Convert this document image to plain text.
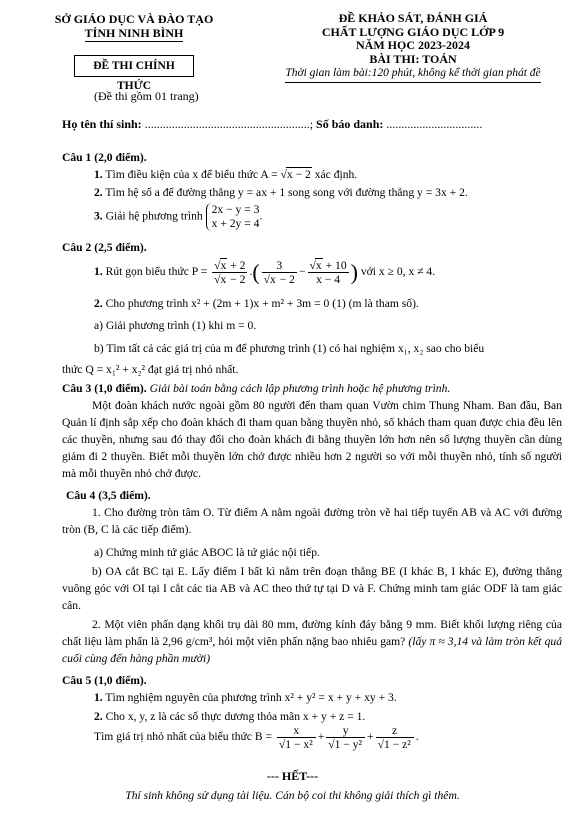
SỞ GIÁO DỤC VÀ ĐÀO TẠO
TỈNH NINH BÌNH
ĐỀ THI CHÍNH THỨC
(Đề thi gồm 01 trang)
ĐỀ KHẢO SÁT, ĐÁNH GIÁ
CHẤT LƯỢNG GIÁO DỤC LỚP 9
NĂM HỌC 2023-2024
BÀI THI: TOÁN
Thời gian làm bài:120 phút, không kể thời gian phát đề
Họ tên thí sinh: .......................................................; Số báo danh: ................................
Câu 1 (2,0 điểm).
1. Tìm điều kiện của x để biểu thức A = √x − 2 xác định.
2. Tìm hệ số a để đường thẳng y = ax + 1 song song với đường thẳng y = 3x + 2.
3. Giải hệ phương trình
2x − y = 3
x + 2y = 4
.
Câu 2 (2,5 điểm).
1. Rút gọn biểu thức $P = \frac{√x + 2}{√x - 2}$ .( $\frac{3}{√x - 2} - \frac{√x + 10}{x - 4}$ ) với x ≥ 0, x ≠ 4.
2. Cho phương trình x² + (2m + 1)x + m² + 3m = 0 (1) (m là tham số).
a) Giải phương trình (1) khi m = 0.
b) Tìm tất cả các giá trị của m để phương trình (1) có hai nghiệm x₁, x₂ sao cho biểu
thức Q = x₁² + x₂² đạt giá trị nhỏ nhất.
Câu 3 (1,0 điểm). Giải bài toán bằng cách lập phương trình hoặc hệ phương trình.
Một đoàn khách nước ngoài gồm 80 người đến tham quan Vườn chim Thung Nham. Ban đầu, Ban Quản lí định sắp xếp cho đoàn khách đi tham quan bằng thuyền nhỏ, số khách tham quan được chia đều lên các thuyền, nhưng sau đó thay đổi cho đoàn khách đi bằng thuyền lớn hơn nên số lượng thuyền cần dùng giảm đi 2 thuyền. Biết mỗi thuyền lớn chở được nhiều hơn 2 người so với mỗi thuyền nhỏ, tính số người mà mỗi thuyền nhỏ chở được.
Câu 4 (3,5 điểm).
1. Cho đường tròn tâm O. Từ điểm A nằm ngoài đường tròn vẽ hai tiếp tuyến AB và AC với đường tròn (B, C là các tiếp điểm).
a) Chứng minh tứ giác ABOC là tứ giác nội tiếp.
b) OA cắt BC tại E. Lấy điểm I bất kì nằm trên đoạn thẳng BE (I khác B, I khác E), đường thẳng vuông góc với OI tại I cắt các tia AB và AC theo thứ tự tại D và F. Chứng minh tam giác ODF là tam giác cân.
2. Một viên phấn dạng khối trụ dài 80 mm, đường kính đáy bằng 9 mm. Biết khối lượng riêng của chất liệu làm phấn là 2,96 g/cm³, hỏi một viên phấn nặng bao nhiêu gam? (lấy π ≈ 3,14 và làm tròn kết quả cuối cùng đến hàng phần mười)
Câu 5 (1,0 điểm).
1. Tìm nghiệm nguyên của phương trình x² + y² = x + y + xy + 3.
2. Cho x, y, z là các số thực dương thỏa mãn x + y + z = 1.
Tìm giá trị nhỏ nhất của biểu thức $B = \frac{x}{\text{√1 − x²}} + \frac{y}{\text{√1 − y²}} + \frac{z}{\text{√1 − z²}}$ .
--- HẾT---
Thí sinh không sử dụng tài liệu. Cán bộ coi thi không giải thích gì thêm.
